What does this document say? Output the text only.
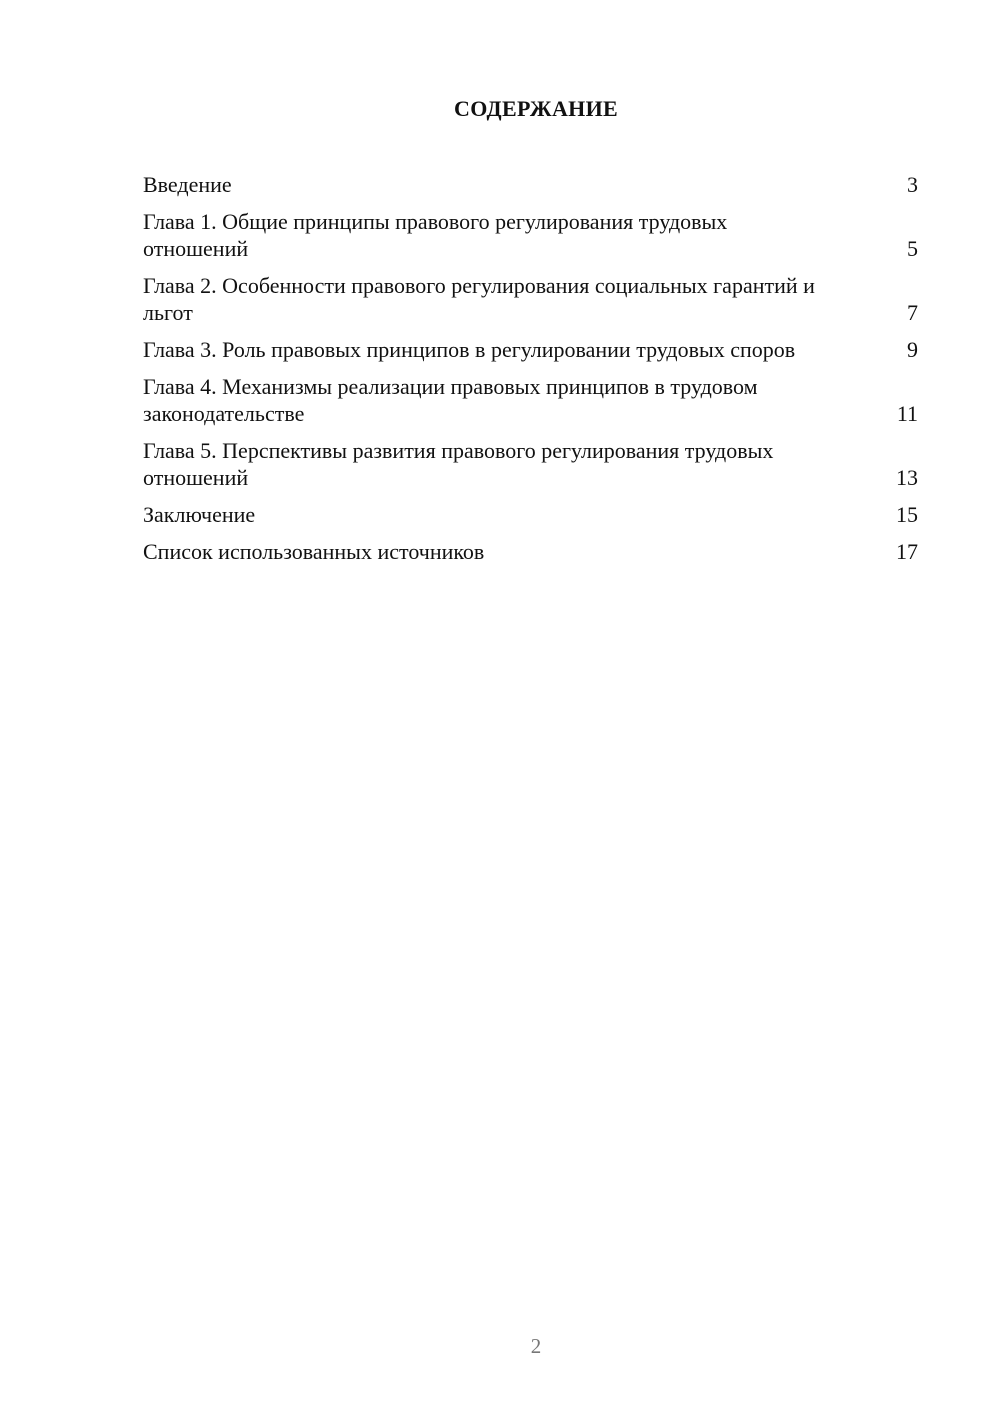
СОДЕРЖАНИЕ
Введение	3
Глава 1. Общие принципы правового регулирования трудовых отношений	5
Глава 2. Особенности правового регулирования социальных гарантий и льгот	7
Глава 3. Роль правовых принципов в регулировании трудовых споров	9
Глава 4. Механизмы реализации правовых принципов в трудовом законодательстве	11
Глава 5. Перспективы развития правового регулирования трудовых отношений	13
Заключение	15
Список использованных источников	17
2
